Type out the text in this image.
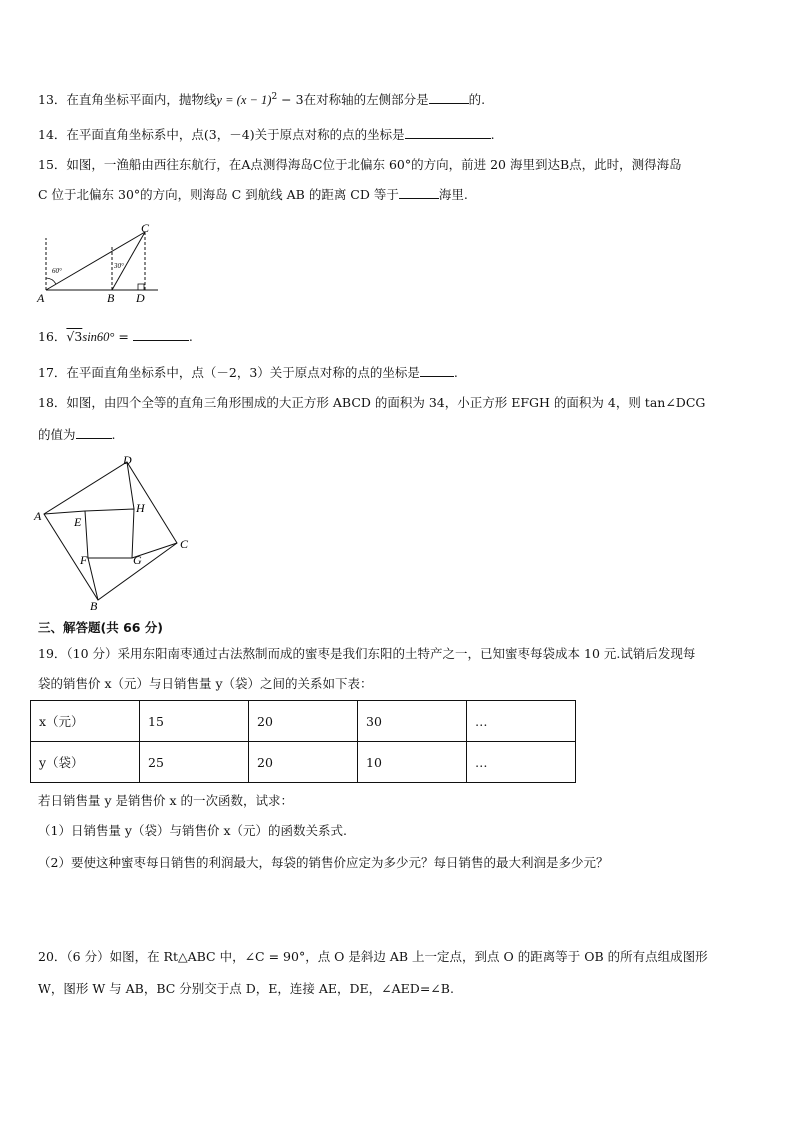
13．在直角坐标平面内，抛物线$y = (x - 1)^2 - 3$在对称轴的左侧部分是	的.
14．在平面直角坐标系中，点(3，－4)关于原点对称的点的坐标是	.
15．如图，一渔船由西往东航行，在A点测得海岛C位于北偏东 60°的方向，前进 20 海里到达B点，此时，测得海岛
C 位于北偏东 30°的方向，则海岛 C 到航线 AB 的距离 CD 等于	海里.
60°
30°
A	B
C
D
16．√3sin60° =	.
17．在平面直角坐标系中，点（－2，3）关于原点对称的点的坐标是	.
18．如图，由四个全等的直角三角形围成的大正方形 ABCD 的面积为 34，小正方形 EFGH 的面积为 4，则 tan∠DCG
的值为	.
D
C
B
A	E
H
G
F
三、解答题(共 66 分)
19．（10 分）采用东阳南枣通过古法熬制而成的蜜枣是我们东阳的土特产之一，已知蜜枣每袋成本 10 元.试销后发现每
袋的销售价 x（元）与日销售量 y（袋）之间的关系如下表：
x（元）	15	20	30	…
y（袋）	25	20	10	…
若日销售量 y 是销售价 x 的一次函数，试求：
（1）日销售量 y（袋）与销售价 x（元）的函数关系式.
（2）要使这种蜜枣每日销售的利润最大，每袋的销售价应定为多少元？每日销售的最大利润是多少元？
20．（6 分）如图，在 Rt△ABC 中，∠C = 90°，点 O 是斜边 AB 上一定点，到点 O 的距离等于 OB 的所有点组成图形
W，图形 W 与 AB，BC 分别交于点 D，E，连接 AE，DE，∠AED=∠B.
